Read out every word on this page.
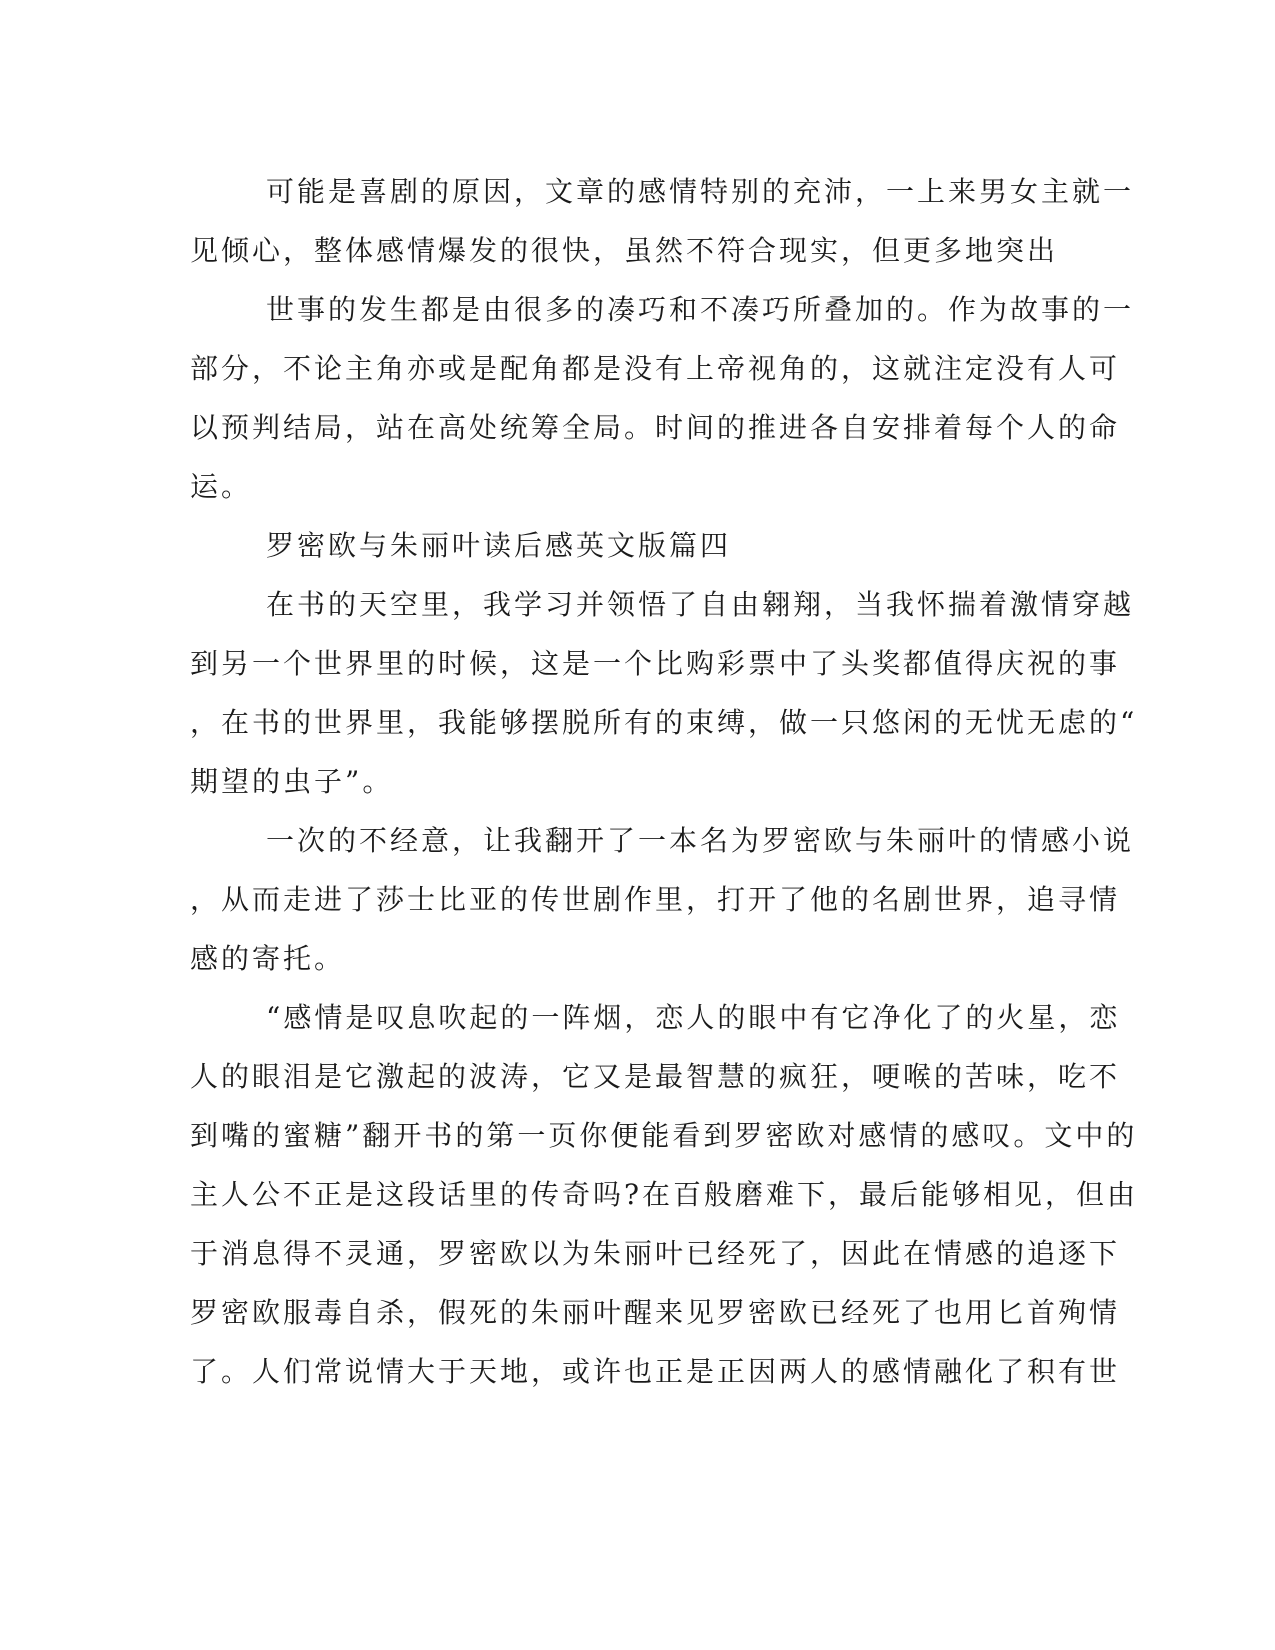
可能是喜剧的原因，文章的感情特别的充沛，一上来男女主就一
见倾心，整体感情爆发的很快，虽然不符合现实，但更多地突出
世事的发生都是由很多的凑巧和不凑巧所叠加的。作为故事的一
部分，不论主角亦或是配角都是没有上帝视角的，这就注定没有人可
以预判结局，站在高处统筹全局。时间的推进各自安排着每个人的命
运。
罗密欧与朱丽叶读后感英文版篇四
在书的天空里，我学习并领悟了自由翱翔，当我怀揣着激情穿越
到另一个世界里的时候，这是一个比购彩票中了头奖都值得庆祝的事
，在书的世界里，我能够摆脱所有的束缚，做一只悠闲的无忧无虑的“
期望的虫子”。
一次的不经意，让我翻开了一本名为罗密欧与朱丽叶的情感小说
，从而走进了莎士比亚的传世剧作里，打开了他的名剧世界，追寻情
感的寄托。
“感情是叹息吹起的一阵烟，恋人的眼中有它净化了的火星，恋
人的眼泪是它激起的波涛，它又是最智慧的疯狂，哽喉的苦味，吃不
到嘴的蜜糖”翻开书的第一页你便能看到罗密欧对感情的感叹。文中的
主人公不正是这段话里的传奇吗?在百般磨难下，最后能够相见，但由
于消息得不灵通，罗密欧以为朱丽叶已经死了，因此在情感的追逐下
罗密欧服毒自杀，假死的朱丽叶醒来见罗密欧已经死了也用匕首殉情
了。人们常说情大于天地，或许也正是正因两人的感情融化了积有世
